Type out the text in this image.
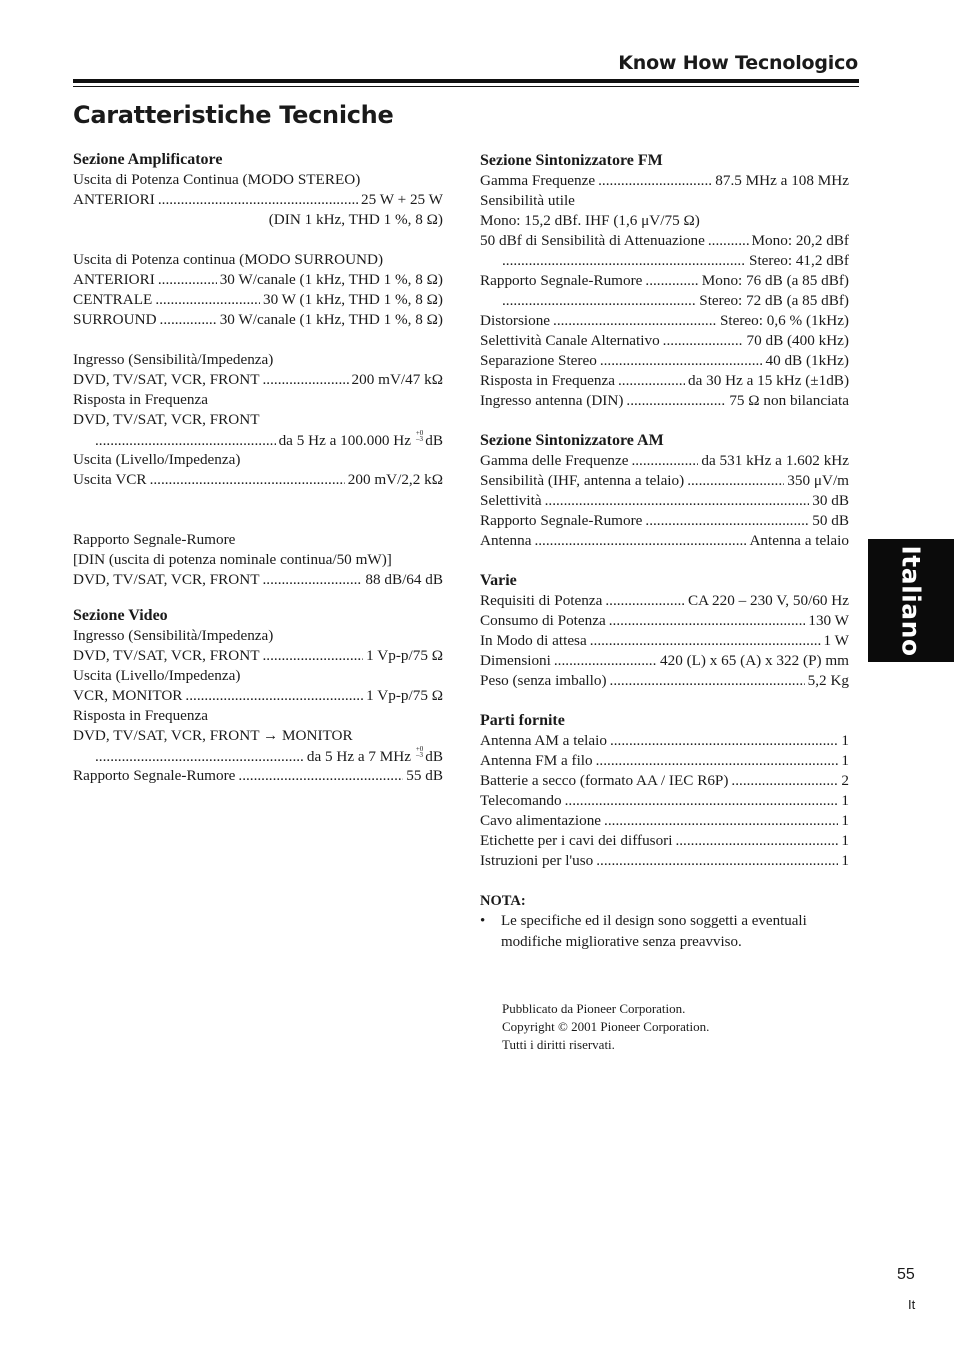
Know How Tecnologico
Caratteristiche Tecniche
Sezione Amplificatore
Uscita di Potenza Continua (MODO STEREO)
ANTERIORI .....	25 W + 25 W
(DIN 1 kHz, THD 1 %, 8 Ω)
Uscita di Potenza continua (MODO SURROUND)
ANTERIORI .....	30 W/canale (1 kHz, THD 1 %, 8 Ω)
CENTRALE .....	30 W (1 kHz, THD 1 %, 8 Ω)
SURROUND .....	30 W/canale (1 kHz, THD 1 %, 8 Ω)
Ingresso (Sensibilità/Impedenza)
DVD, TV/SAT, VCR, FRONT .....	200 mV/47 kΩ
Risposta in Frequenza
DVD, TV/SAT, VCR, FRONT
.....
da 5 Hz a 100.000 Hz +0
–3 dB
Uscita (Livello/Impedenza)
Uscita VCR .....	200 mV/2,2 kΩ
Rapporto Segnale-Rumore
[DIN (uscita di potenza nominale continua/50 mW)]
DVD, TV/SAT, VCR, FRONT .....	88 dB/64 dB
Sezione Video
Ingresso (Sensibilità/Impedenza)
DVD, TV/SAT, VCR, FRONT .....	1 Vp-p/75 Ω
Uscita (Livello/Impedenza)
VCR, MONITOR .....	1 Vp-p/75 Ω
Risposta in Frequenza
DVD, TV/SAT, VCR, FRONT → MONITOR
.....
da 5 Hz a 7 MHz +0
–3 dB
Rapporto Segnale-Rumore .....	55 dB
Sezione Sintonizzatore FM
Gamma Frequenze .....	87.5 MHz a 108 MHz
Sensibilità utile
Mono: 15,2 dBf. IHF (1,6 μV/75 Ω)
50 dBf di Sensibilità di Attenuazione .....	Mono: 20,2 dBf
.....
Stereo: 41,2 dBf
Rapporto Segnale-Rumore .....	Mono: 76 dB (a 85 dBf)
.....
Stereo: 72 dB (a 85 dBf)
Distorsione .....	Stereo: 0,6 % (1kHz)
Selettività Canale Alternativo .....	70 dB (400 kHz)
Separazione Stereo .....	40 dB (1kHz)
Risposta in Frequenza .....	da 30 Hz a 15 kHz (±1dB)
Ingresso antenna (DIN) .....	75 Ω non bilanciata
Sezione Sintonizzatore AM
Gamma delle Frequenze .....	da 531 kHz a 1.602 kHz
Sensibilità (IHF, antenna a telaio) .....	350 μV/m
Selettività .....	30 dB
Rapporto Segnale-Rumore .....	50 dB
Antenna .....	Antenna a telaio
Varie
Requisiti di Potenza .....	CA 220 – 230 V, 50/60 Hz
Consumo di Potenza .....	130 W
In Modo di attesa .....	1 W
Dimensioni .....	420 (L) x 65 (A) x 322 (P) mm
Peso (senza imballo) .....	5,2 Kg
Parti fornite
Antenna AM a telaio .....	1
Antenna FM a filo .....	1
Batterie a secco (formato AA / IEC R6P) .....	2
Telecomando .....	1
Cavo alimentazione .....	1
Etichette per i cavi dei diffusori .....	1
Istruzioni per l'uso .....	1
NOTA:
•	Le specifiche ed il design sono soggetti a eventuali modifiche migliorative senza preavviso.
Pubblicato da Pioneer Corporation.
Copyright © 2001 Pioneer Corporation.
Tutti i diritti riservati.
Italiano
55
It
